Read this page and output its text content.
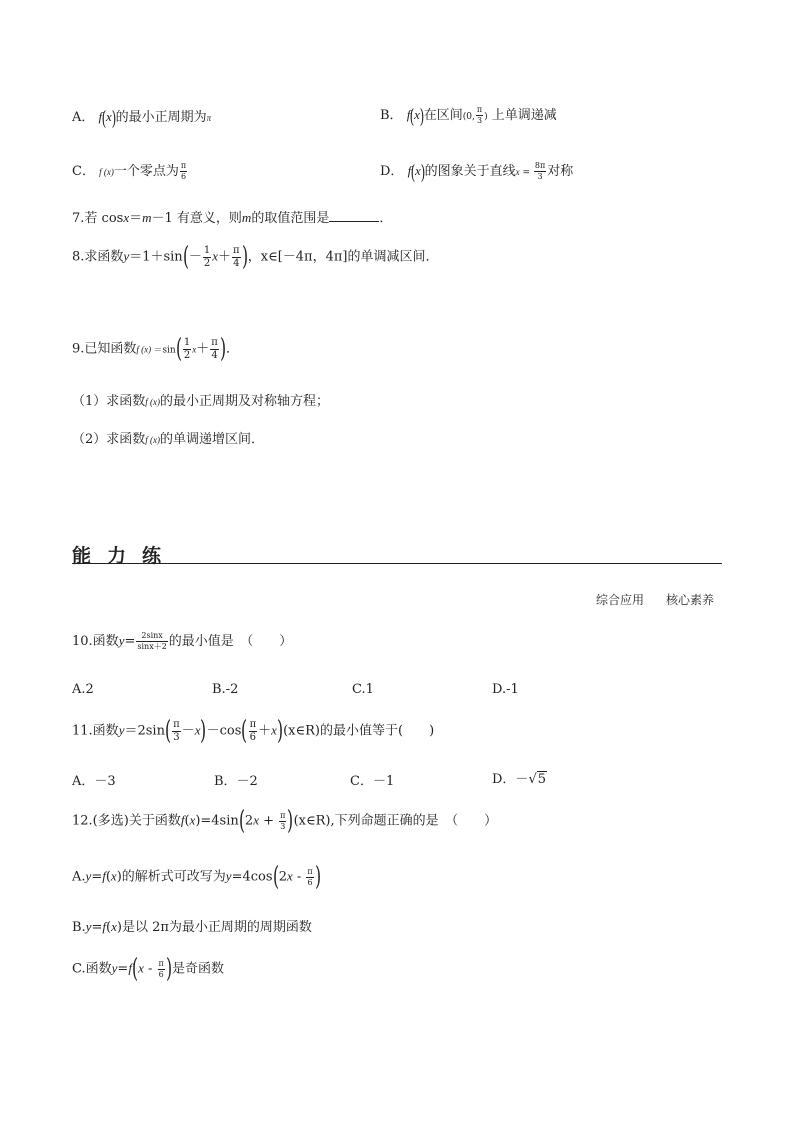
A． f(x)的最小正周期为π	B． f(x)在区间(0, $\frac{\pi}{3}$ ) 上单调递减
C． f (x)一个零点为 $\frac{\pi}{6}$	D． f(x)的图象关于直线$x = \frac{8\pi}{3}$ 对称
7.若 cosx＝m－1 有意义，则m的取值范围是	．
8.求函数$y=1+\sin(- \frac{1}{2} x+ \frac{\pi}{4}$ )，x∈[－4π，4π]的单调减区间．
9.已知函数f $(x) =\sin( \frac{1}{2} x+ \frac{\pi}{4}$ )．
（1）求函数f (x)的最小正周期及对称轴方程；
（2）求函数f (x)的单调递增区间．
能力练
综合应用 核心素养
10.函数$y= \frac{2\sin x}{\sin x+2}$ 的最小值是　（　　）
A.2	B.-2	C.1	D.-1
11.函数$y=2\sin( \frac{\pi}{3} -x)-\cos( \frac{\pi}{6}$ ＋x)(x∈R)的最小值等于(　　)
A．－3	B．－2	C．－1	D．－√5
12.(多选)关于函数$f(x)=4\sin(2x + \frac{\pi}{3}$ )(x∈R),下列命题正确的是　（　　）
A.y=f(x)的解析式可改写为$y=4\cos(2x - \frac{\pi}{6}$ )
B.y=f(x)是以 2π为最小正周期的周期函数
C.函数$y=f(x - \frac{\pi}{6}$ )是奇函数
